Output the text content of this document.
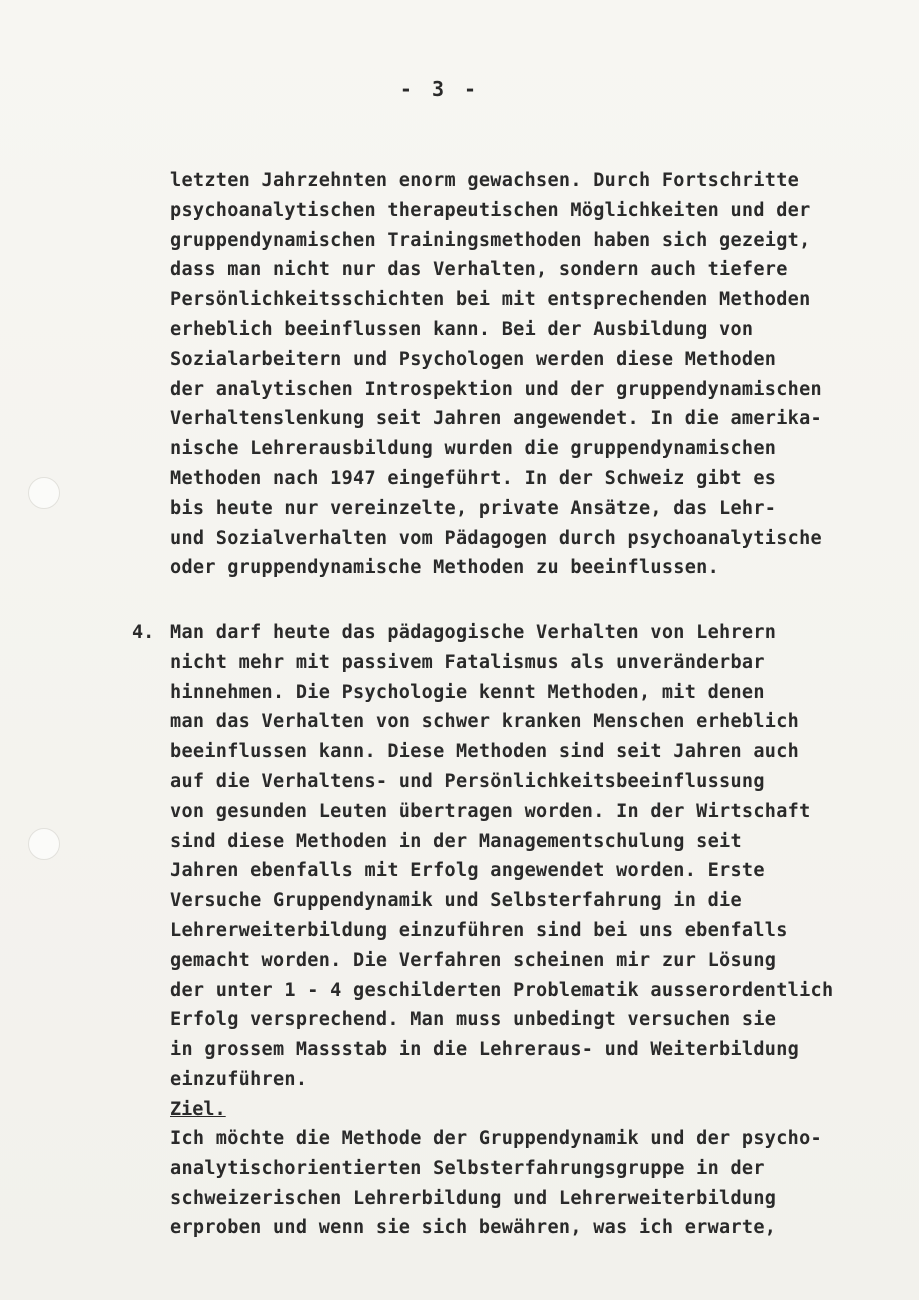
- 3 -
letzten Jahrzehnten enorm gewachsen. Durch Fortschritte
psychoanalytischen therapeutischen Möglichkeiten und der
gruppendynamischen Trainingsmethoden haben sich gezeigt,
dass man nicht nur das Verhalten, sondern auch tiefere
Persönlichkeitsschichten bei mit entsprechenden Methoden
erheblich beeinflussen kann. Bei der Ausbildung von
Sozialarbeitern und Psychologen werden diese Methoden
der analytischen Introspektion und der gruppendynamischen
Verhaltenslenkung seit Jahren angewendet. In die amerika-
nische Lehrerausbildung wurden die gruppendynamischen
Methoden nach 1947 eingeführt. In der Schweiz gibt es
bis heute nur vereinzelte, private Ansätze, das Lehr-
und Sozialverhalten vom Pädagogen durch psychoanalytische
oder gruppendynamische Methoden zu beeinflussen.
4. Man darf heute das pädagogische Verhalten von Lehrern
nicht mehr mit passivem Fatalismus als unveränderbar
hinnehmen. Die Psychologie kennt Methoden, mit denen
man das Verhalten von schwer kranken Menschen erheblich
beeinflussen kann. Diese Methoden sind seit Jahren auch
auf die Verhaltens- und Persönlichkeitsbeeinflussung
von gesunden Leuten übertragen worden. In der Wirtschaft
sind diese Methoden in der Managementschulung seit
Jahren ebenfalls mit Erfolg angewendet worden. Erste
Versuche Gruppendynamik und Selbsterfahrung in die
Lehrerweiterbildung einzuführen sind bei uns ebenfalls
gemacht worden. Die Verfahren scheinen mir zur Lösung
der unter 1 - 4 geschilderten Problematik ausserordentlich
Erfolg versprechend. Man muss unbedingt versuchen sie
in grossem Massstab in die Lehreraus- und Weiterbildung
einzuführen.
Ziel.
Ich möchte die Methode der Gruppendynamik und der psycho-
analytischorientierten Selbsterfahrungsgruppe in der
schweizerischen Lehrerbildung und Lehrerweiterbildung
erproben und wenn sie sich bewähren, was ich erwarte,
